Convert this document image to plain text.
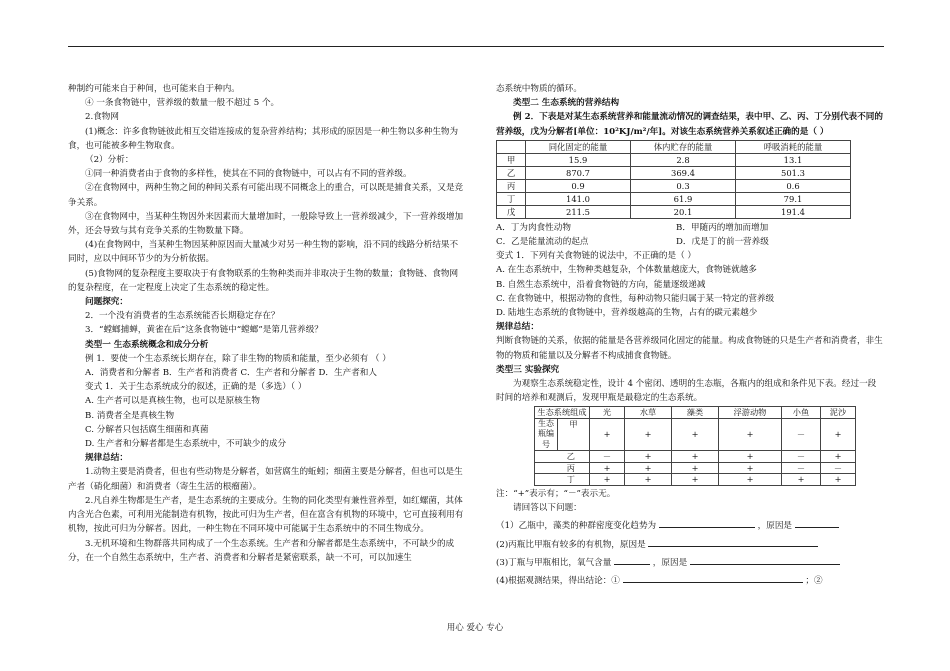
种制约可能来自于种间，也可能来自于种内。

④ 一条食物链中，营养级的数量一般不超过 5 个。

2.食物网

(1)概念：许多食物链彼此相互交错连接成的复杂营养结构；其形成的原因是一种生物以多种生物为食，也可能被多种生物取食。

（2）分析：

①同一种消费者由于食物的多样性，使其在不同的食物链中，可以占有不同的营养级。

②在食物网中，两种生物之间的种间关系有可能出现不同概念上的重合，可以既是捕食关系，又是竞争关系。

③在食物网中，当某种生物因外来因素而大量增加时，一般除导致上一营养级减少，下一营养级增加外，还会导致与其有竞争关系的生物数量下降。

(4)在食物网中，当某种生物因某种原因而大量减少对另一种生物的影响，沿不同的线路分析结果不同时，应以中间环节少的为分析依据。

(5)食物网的复杂程度主要取决于有食物联系的生物种类而并非取决于生物的数量；食物链、食物网的复杂程度，在一定程度上决定了生态系统的稳定性。

问题探究：

2．一个没有消费者的生态系统能否长期稳定存在？

3．“螳螂捕蝉，黄雀在后”这条食物链中“螳螂”是第几营养级？

类型一 生态系统概念和成分分析

例 1．要使一个生态系统长期存在，除了非生物的物质和能量，至少必须有 （ ）

A．消费者和分解者 B．生产者和消费者 C．生产者和分解者 D．生产者和人

变式 1．关于生态系统成分的叙述，正确的是（多选）（ ）

A. 生产者可以是真核生物，也可以是原核生物

B. 消费者全是真核生物

C. 分解者只包括腐生细菌和真菌

D. 生产者和分解者都是生态系统中，不可缺少的成分

规律总结：

1.动物主要是消费者，但也有些动物是分解者，如营腐生的蚯蚓；细菌主要是分解者，但也可以是生产者（硝化细菌）和消费者（寄生生活的根瘤菌）。

2.凡自养生物都是生产者，是生态系统的主要成分。生物的同化类型有兼性营养型，如红螺菌，其体内含光合色素，可利用光能制造有机物，按此可归为生产者，但在富含有机物的环境中，它可直接利用有机物，按此可归为分解者。因此，一种生物在不同环境中可能属于生态系统中的不同生物成分。

3.无机环境和生物群落共同构成了一个生态系统。生产者和分解者都是生态系统中，不可缺少的成分，在一个自然生态系统中，生产者、消费者和分解者是紧密联系，缺一不可，可以加速生

态系统中物质的循环。

类型二 生态系统的营养结构

例 2．下表是对某生态系统营养和能量流动情况的调查结果，表中甲、乙、丙、丁分别代表不同的营养级，戊为分解者[单位：10²KJ/m²/年]。对该生态系统营养关系叙述正确的是（ ）

	同化固定的能量	体内贮存的能量	呼吸消耗的能量
甲	15.9	2.8	13.1
乙	870.7	369.4	501.3
丙	0.9	0.3	0.6
丁	141.0	61.9	79.1
戊	211.5	20.1	191.4
A．丁为肉食性动物	B．甲随丙的增加而增加
C．乙是能量流动的起点	D．戊是丁的前一营养级

变式 1．下列有关食物链的说法中，不正确的是（ ）

A. 在生态系统中，生物种类越复杂，个体数量越庞大，食物链就越多

B. 自然生态系统中，沿着食物链的方向，能量逐级递减

C. 在食物链中，根据动物的食性，每种动物只能归属于某一特定的营养级

D. 陆地生态系统的食物链中，营养级越高的生物，占有的碳元素越少

规律总结：

判断食物链的关系，依据的能量是各营养级同化固定的能量。构成食物链的只是生产者和消费者，非生物的物质和能量以及分解者不构成捕食食物链。

类型三 实验探究

为观察生态系统稳定性，设计 4 个密闭、透明的生态瓶，各瓶内的组成和条件见下表。经过一段时间的培养和观测后，发现甲瓶是最稳定的生态系统。

生态系统组成	光	水草	藻类	浮游动物	小鱼	泥沙

生态瓶编号
甲	+	+	+	+	－	+
乙	－	+	+	+	－	+
丙	+	+	+	+	－	－
丁	+	+	+	+	+	+

注：“+”表示有；“－”表示无。

请回答以下问题：

（1）乙瓶中，藻类的种群密度变化趋势为	，原因是

(2)丙瓶比甲瓶有较多的有机物，原因是

(3)丁瓶与甲瓶相比，氧气含量	，原因是

(4)根据观测结果，得出结论：①	；②

用心 爱心 专心
